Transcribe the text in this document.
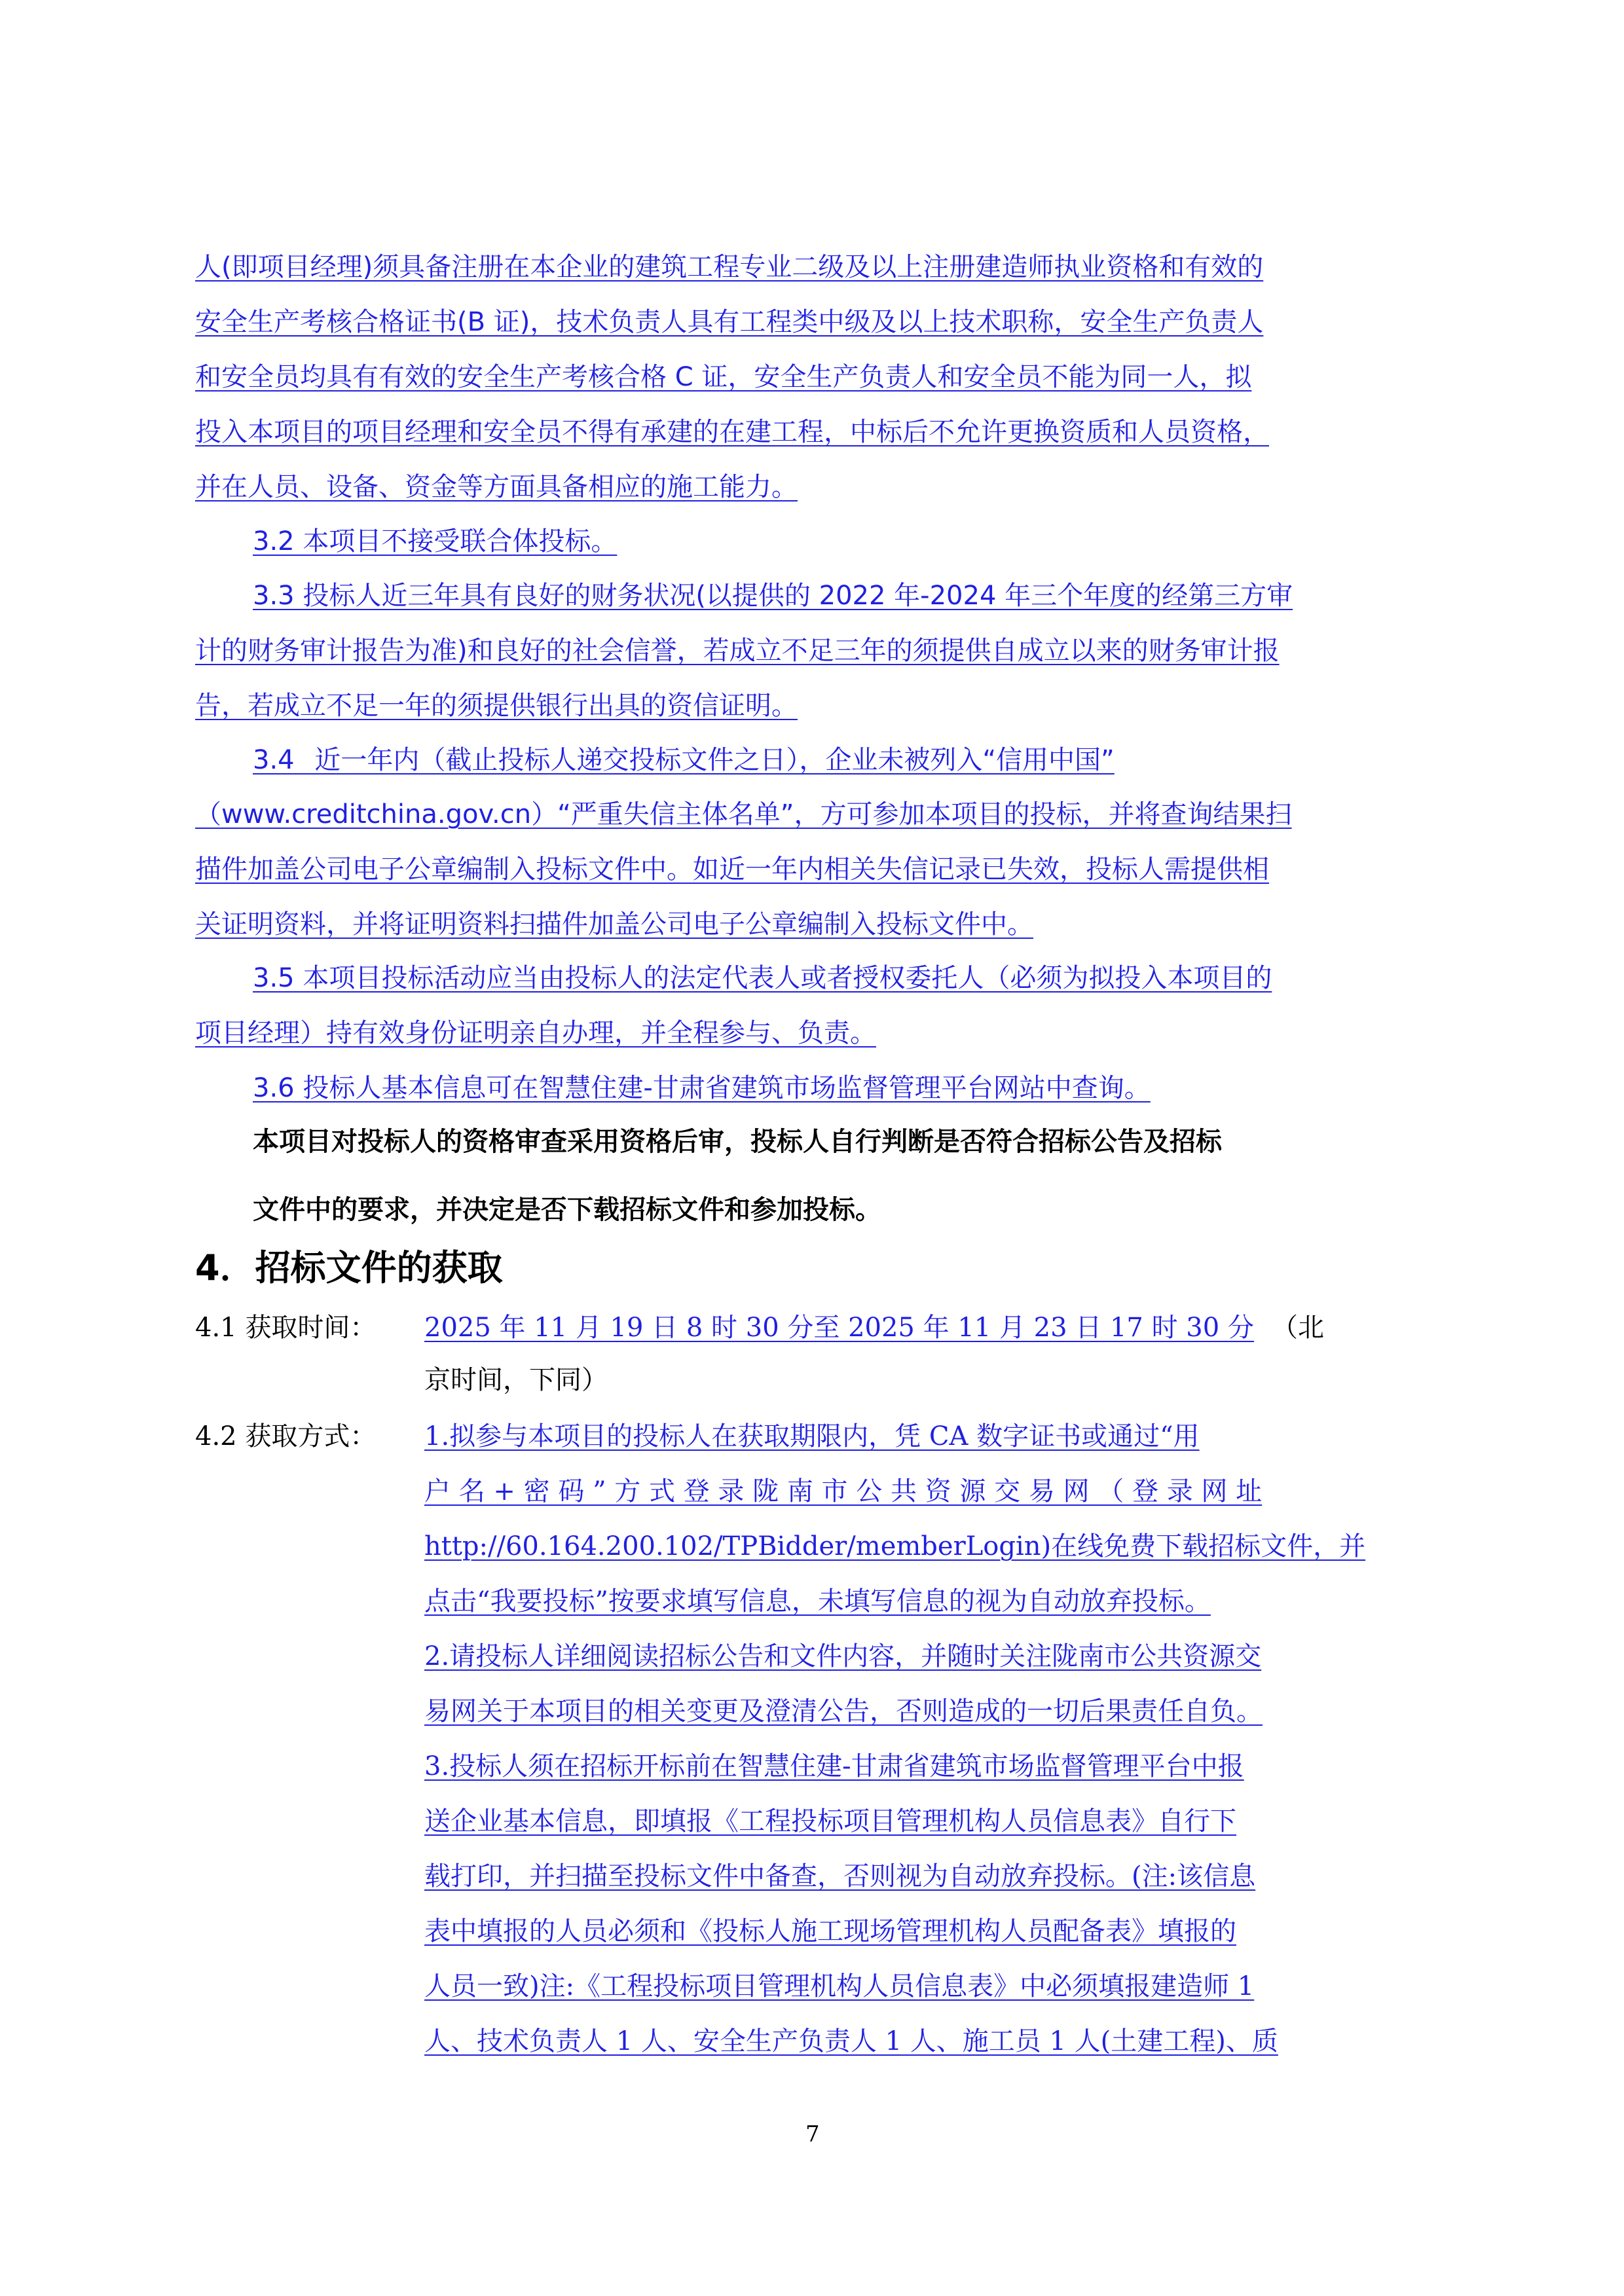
人(即项目经理)须具备注册在本企业的建筑工程专业二级及以上注册建造师执业资格和有效的
安全生产考核合格证书(B 证)，技术负责人具有工程类中级及以上技术职称，安全生产负责人
和安全员均具有有效的安全生产考核合格 C 证，安全生产负责人和安全员不能为同一人，拟
投入本项目的项目经理和安全员不得有承建的在建工程，中标后不允许更换资质和人员资格，
并在人员、设备、资金等方面具备相应的施工能力。
3.2 本项目不接受联合体投标。
3.3 投标人近三年具有良好的财务状况(以提供的 2022 年-2024 年三个年度的经第三方审
计的财务审计报告为准)和良好的社会信誉，若成立不足三年的须提供自成立以来的财务审计报
告，若成立不足一年的须提供银行出具的资信证明。
3.4 近一年内（截止投标人递交投标文件之日），企业未被列入“信用中国”
（www.creditchina.gov.cn）“严重失信主体名单”，方可参加本项目的投标，并将查询结果扫
描件加盖公司电子公章编制入投标文件中。如近一年内相关失信记录已失效，投标人需提供相
关证明资料，并将证明资料扫描件加盖公司电子公章编制入投标文件中。
3.5 本项目投标活动应当由投标人的法定代表人或者授权委托人（必须为拟投入本项目的
项目经理）持有效身份证明亲自办理，并全程参与、负责。
3.6 投标人基本信息可在智慧住建-甘肃省建筑市场监督管理平台网站中查询。
本项目对投标人的资格审查采用资格后审，投标人自行判断是否符合招标公告及招标
文件中的要求，并决定是否下载招标文件和参加投标。
4．招标文件的获取
4.1 获取时间： 2025 年 11 月 19 日 8 时 30 分至 2025 年 11 月 23 日 17 时 30 分 （北
京时间，下同）
4.2 获取方式： 1.拟参与本项目的投标人在获取期限内，凭 CA 数字证书或通过“用
户 名 + 密 码 ” 方 式 登 录 陇 南 市 公 共 资 源 交 易 网 （ 登 录 网 址
http://60.164.200.102/TPBidder/memberLogin)在线免费下载招标文件，并
点击“我要投标”按要求填写信息，未填写信息的视为自动放弃投标。
2.请投标人详细阅读招标公告和文件内容，并随时关注陇南市公共资源交
易网关于本项目的相关变更及澄清公告，否则造成的一切后果责任自负。
3.投标人须在招标开标前在智慧住建-甘肃省建筑市场监督管理平台中报
送企业基本信息，即填报《工程投标项目管理机构人员信息表》自行下
载打印，并扫描至投标文件中备查，否则视为自动放弃投标。(注:该信息
表中填报的人员必须和《投标人施工现场管理机构人员配备表》填报的
人员一致)注:《工程投标项目管理机构人员信息表》中必须填报建造师 1
人、技术负责人 1 人、安全生产负责人 1 人、施工员 1 人(土建工程)、质
7
